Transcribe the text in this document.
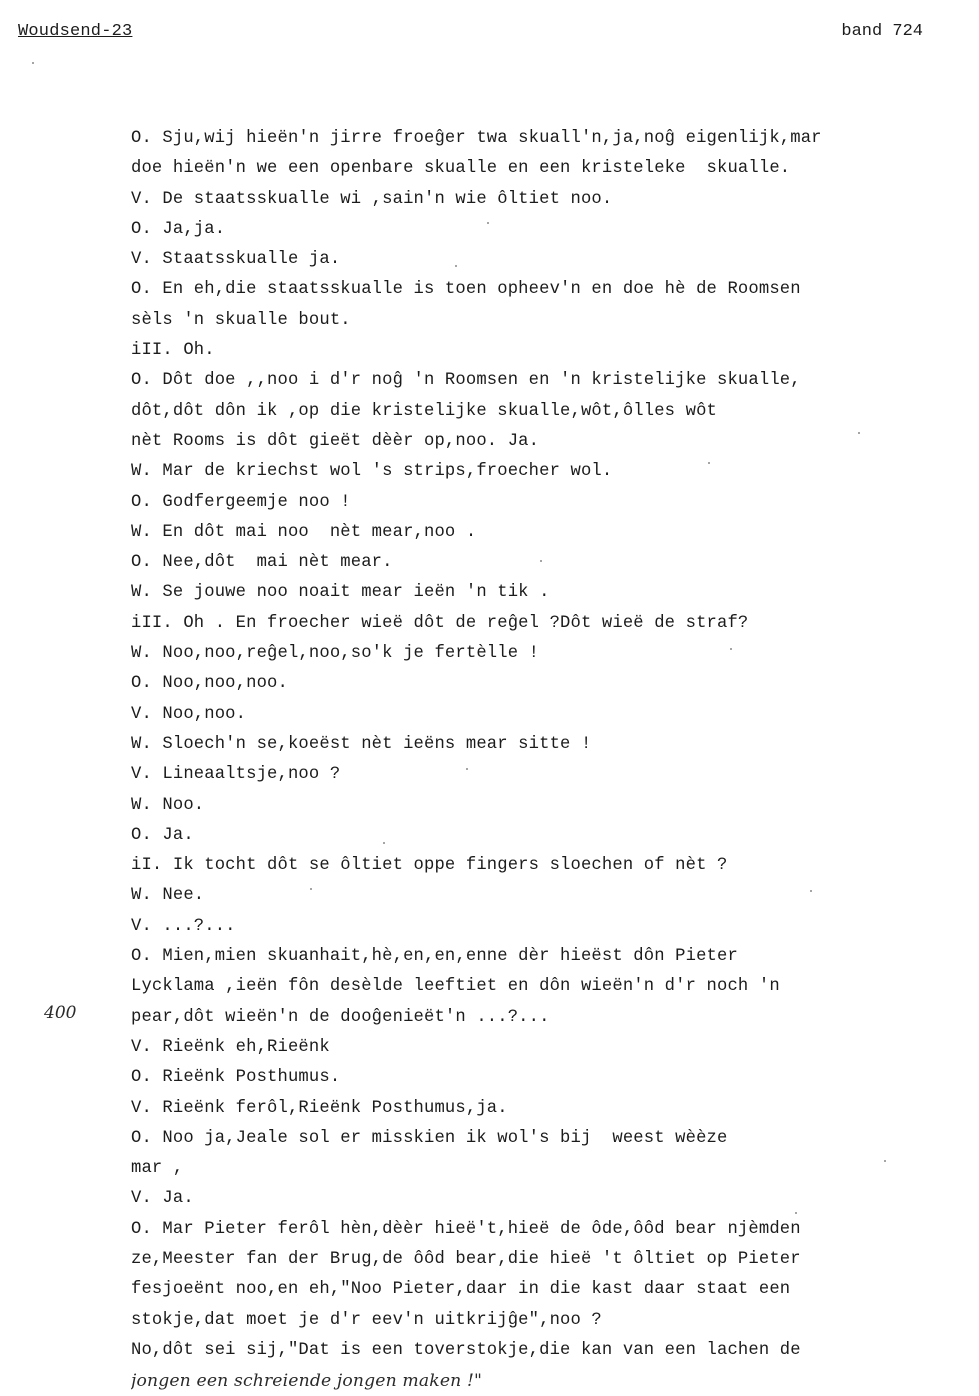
Woudsend-23	band 724
400
O. Sju,wij hieën'n jirre froeĝer twa skuall'n,ja,noĝ eigenlijk,mar
doe hieën'n we een openbare skualle en een kristeleke  skualle.
V. De staatsskualle wi ,sain'n wie ôltiet noo.
O. Ja,ja.
V. Staatsskualle ja.
O. En eh,die staatsskualle is toen opheev'n en doe hè de Roomsen
sèls 'n skualle bout.
iII. Oh.
O. Dôt doe ,,noo i d'r noĝ 'n Roomsen en 'n kristelijke skualle,
dôt,dôt dôn ik ,op die kristelijke skualle,wôt,ôlles wôt
nèt Rooms is dôt gieët dèèr op,noo. Ja.
W. Mar de kriechst wol 's strips,froecher wol.
O. Godfergeemje noo !
W. En dôt mai noo  nèt mear,noo .
O. Nee,dôt  mai nèt mear.
W. Se jouwe noo noait mear ieën 'n tik .
iII. Oh . En froecher wieë dôt de reĝel ?Dôt wieë de straf?
W. Noo,noo,reĝel,noo,so'k je fertèlle !
O. Noo,noo,noo.
V. Noo,noo.
W. Sloech'n se,koeëst nèt ieëns mear sitte !
V. Lineaaltsje,noo ?
W. Noo.
O. Ja.
iI. Ik tocht dôt se ôltiet oppe fingers sloechen of nèt ?
W. Nee.
V. ...?...
O. Mien,mien skuanhait,hè,en,en,enne dèr hieëst dôn Pieter
Lycklama ,ieën fôn desèlde leeftiet en dôn wieën'n d'r noch 'n
pear,dôt wieën'n de dooĝenieët'n ...?...
V. Rieënk eh,Rieënk
O. Rieënk Posthumus.
V. Rieënk ferôl,Rieënk Posthumus,ja.
O. Noo ja,Jeale sol er misskien ik wol's bij  weest wèèze
mar ,
V. Ja.
O. Mar Pieter ferôl hèn,dèèr hieë't,hieë de ôde,ôôd bear njèmden
ze,Meester fan der Brug,de ôôd bear,die hieë 't ôltiet op Pieter
fesjoeënt noo,en eh,"Noo Pieter,daar in die kast daar staat een
stokje,dat moet je d'r eev'n uitkrijĝe",noo ?
No,dôt sei sij,"Dat is een toverstokje,die kan van een lachen de
jongen een schreiende jongen maken !"
